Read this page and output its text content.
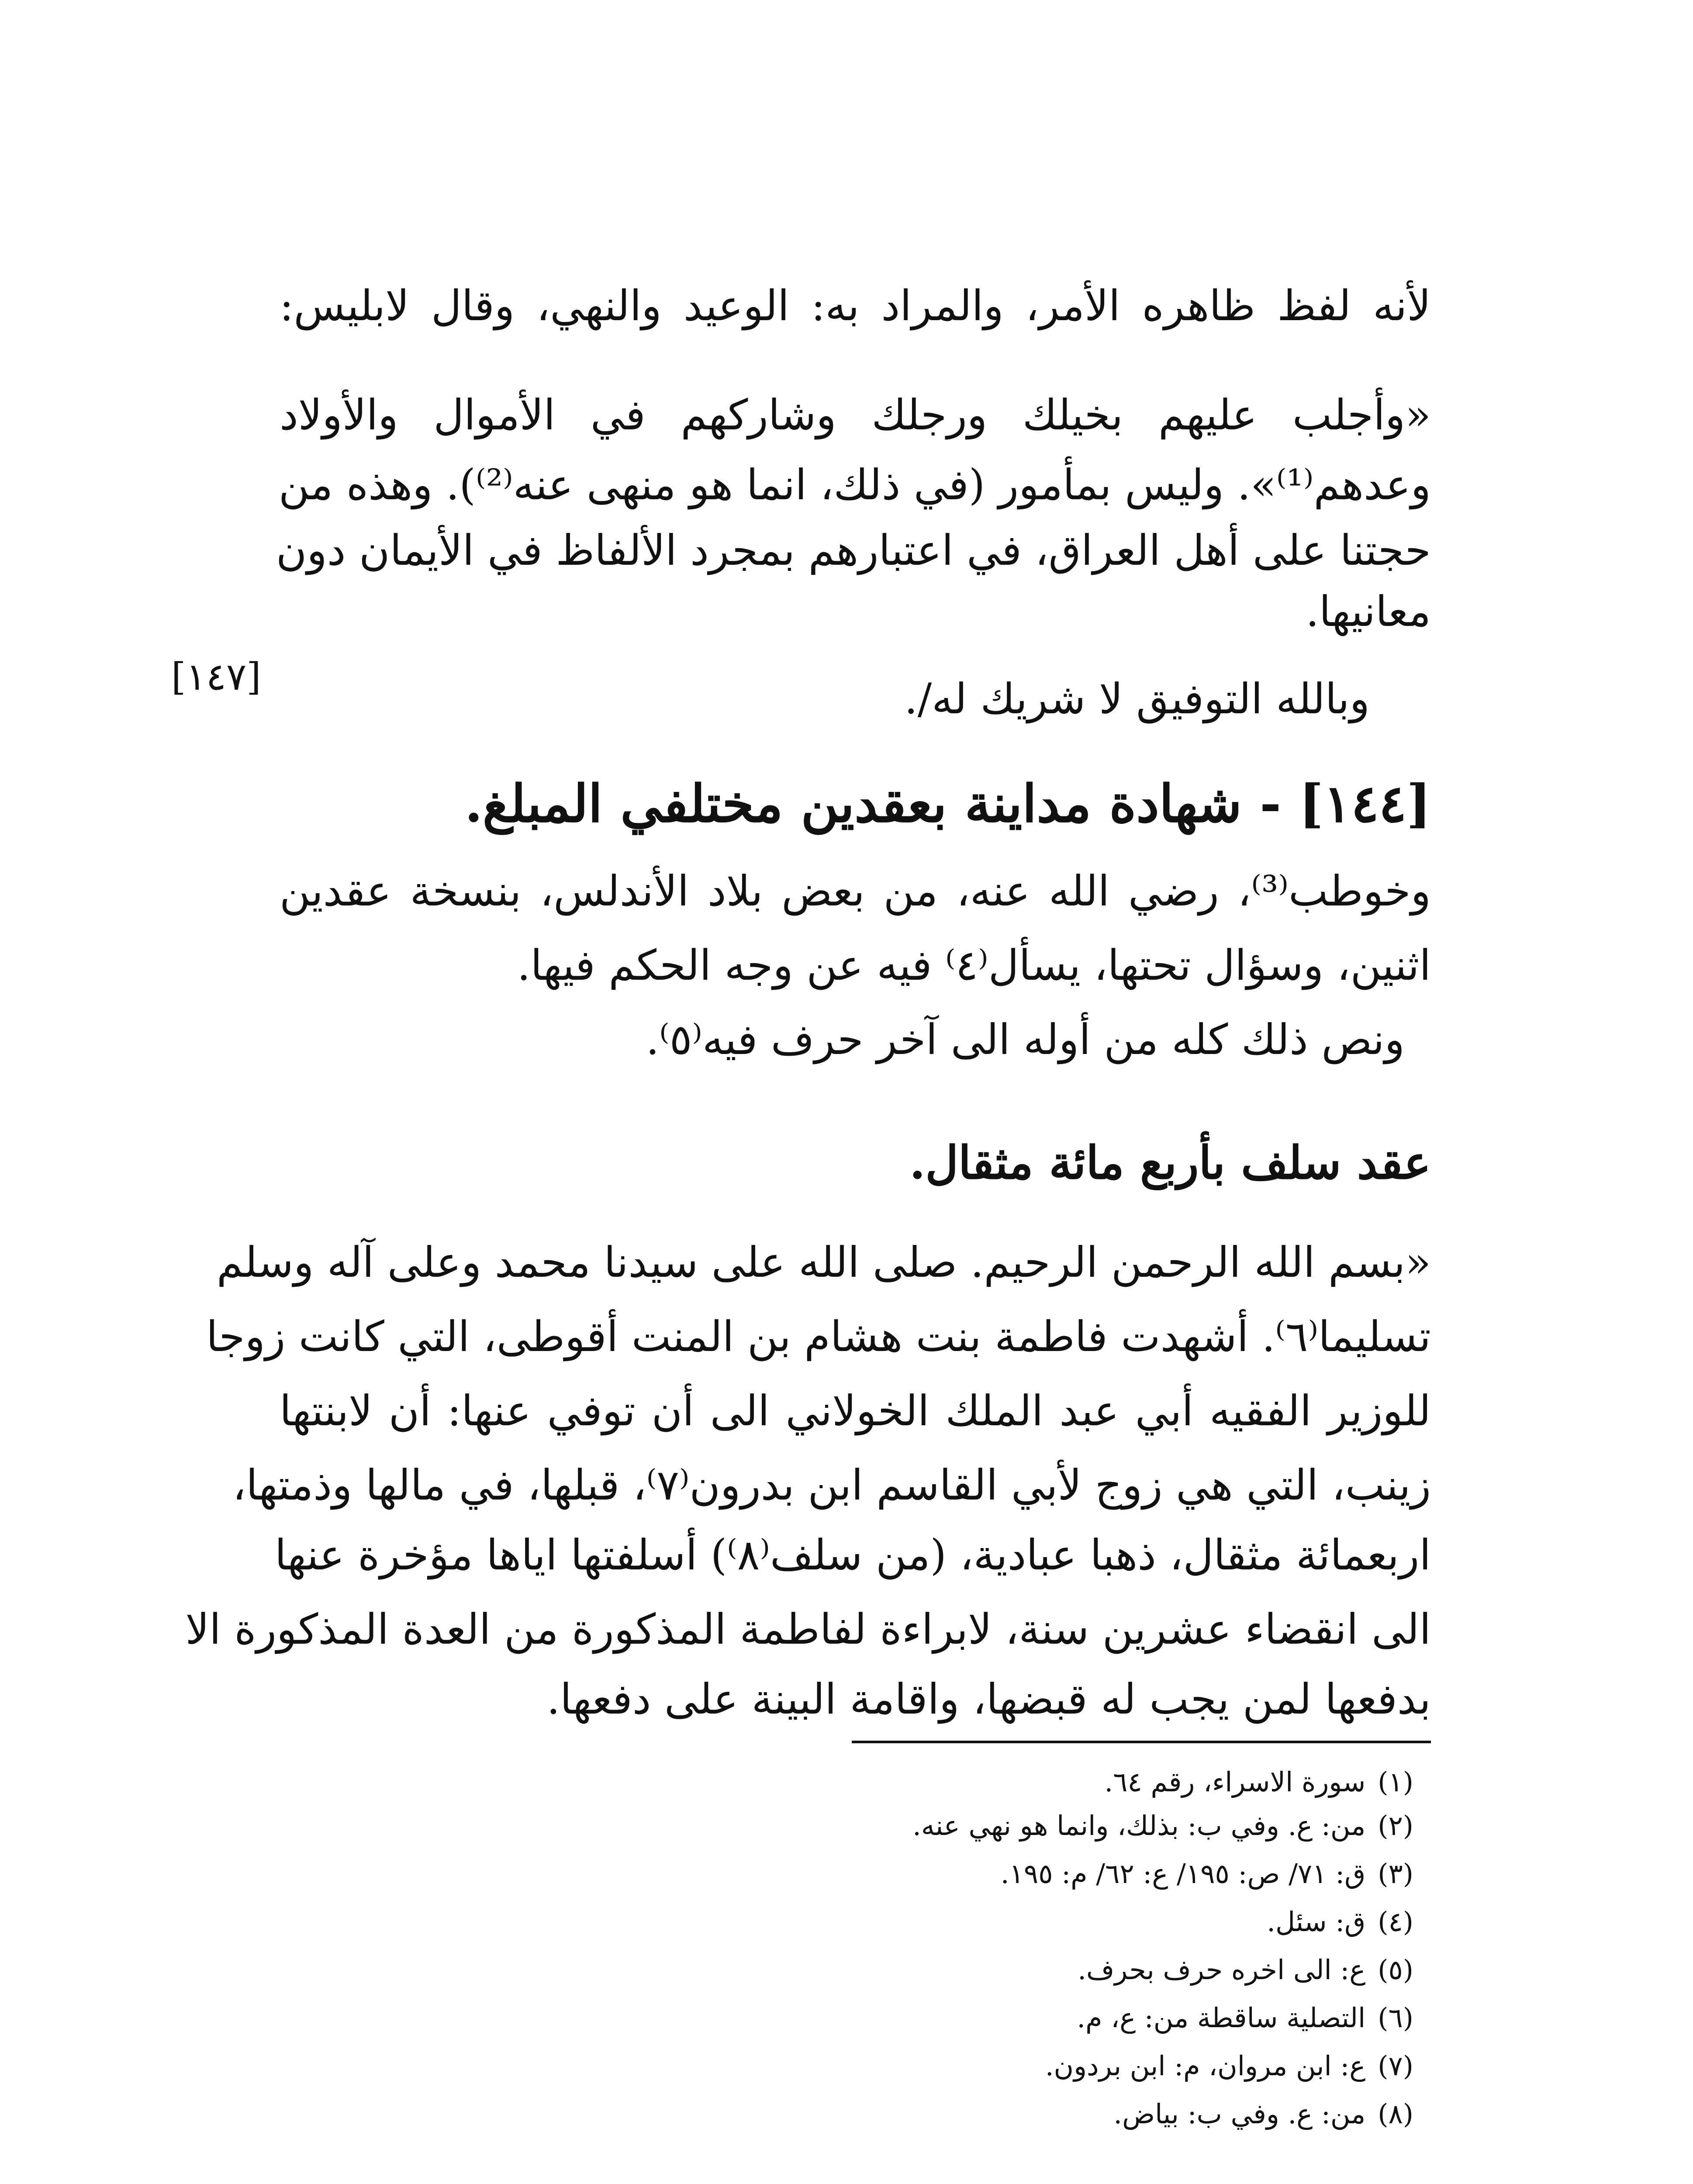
لأنه لفظ ظاهره الأمر، والمراد به: الوعيد والنهي، وقال لابليس:
«وأجلب عليهم بخيلك ورجلك وشاركهم في الأموال والأولاد
وعدهم⁽¹⁾». وليس بمأمور (في ذلك، انما هو منهى عنه⁽²⁾). وهذه من
حجتنا على أهل العراق، في اعتبارهم بمجرد الألفاظ في الأيمان دون
معانيها.
وبالله التوفيق لا شريك له/.
[١٤٧]
[١٤٤] - شهادة مداينة بعقدين مختلفي المبلغ.
وخوطب⁽³⁾، رضي الله عنه، من بعض بلاد الأندلس، بنسخة عقدين
اثنين، وسؤال تحتها، يسأل⁽٤⁾ فيه عن وجه الحكم فيها.
ونص ذلك كله من أوله الى آخر حرف فيه⁽٥⁾.
عقد سلف بأربع مائة مثقال.
«بسم الله الرحمن الرحيم. صلى الله على سيدنا محمد وعلى آله وسلم
تسليما⁽٦⁾. أشهدت فاطمة بنت هشام بن المنت أقوطى، التي كانت زوجا
للوزير الفقيه أبي عبد الملك الخولاني الى أن توفي عنها: أن لابنتها
زينب، التي هي زوج لأبي القاسم ابن بدرون⁽٧⁾، قبلها، في مالها وذمتها،
اربعمائة مثقال، ذهبا عبادية، (من سلف⁽٨⁾) أسلفتها اياها مؤخرة عنها
الى انقضاء عشرين سنة، لابراءة لفاطمة المذكورة من العدة المذكورة الا
بدفعها لمن يجب له قبضها، واقامة البينة على دفعها.
(١) سورة الاسراء، رقم ٦٤.
(٢) من: ع. وفي ب: بذلك، وانما هو نهي عنه.
(٣) ق: ٧١/ ص: ١٩٥/ ع: ٦٢/ م: ١٩٥.
(٤) ق: سئل.
(٥) ع: الى اخره حرف بحرف.
(٦) التصلية ساقطة من: ع، م.
(٧) ع: ابن مروان، م: ابن بردون.
(٨) من: ع. وفي ب: بياض.
